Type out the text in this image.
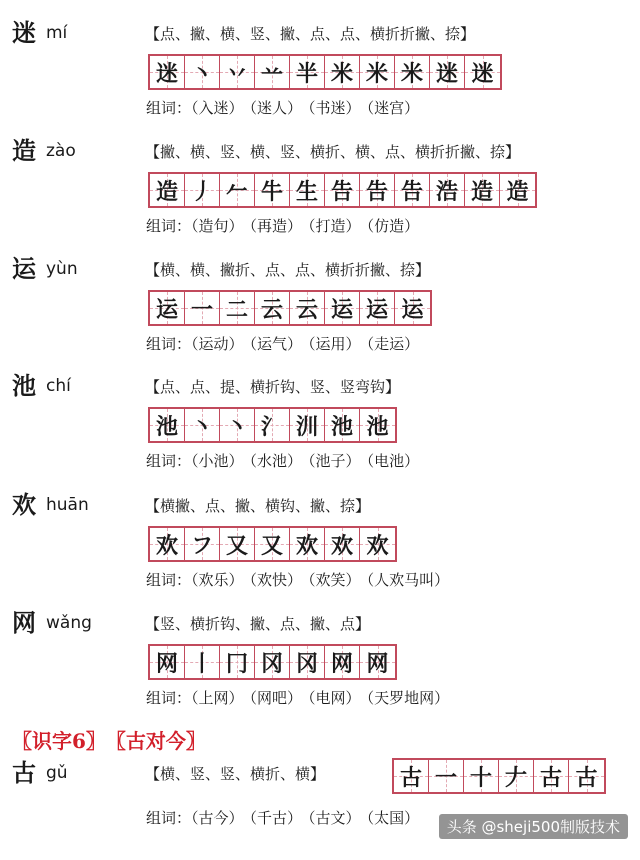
迷 mí	【点、撇、横、竖、撇、点、点、横折折撇、捺】
迷 丶 丷 䒑 半 米 米 米 迷 迷
组词：（入迷） （迷人） （书迷） （迷宫）
造 zào	【撇、横、竖、横、竖、横折、横、点、横折折撇、捺】
造 丿 𠂉 牛 生 告 告 告 浩 造 造
组词：（造句） （再造） （打造） （仿造）
运 yùn	【横、横、撇折、点、点、横折折撇、捺】
运 一 二 云 云 运 运 运
组词：（运动） （运气） （运用） （走运）
池 chí	【点、点、提、横折钩、竖、竖弯钩】
池 丶 丶 氵 汌 池 池
组词：（小池） （水池） （池子） （电池）
欢 huān	【横撇、点、撇、横钩、撇、捺】
欢 フ 又 又 欢 欢 欢
组词：（欢乐） （欢快） （欢笑） （人欢马叫）
网 wǎng	【竖、横折钩、撇、点、撇、点】
网 丨 冂 冈 冈 网 网
组词：（上网） （网吧） （电网） （天罗地网）
古 gǔ	【横、竖、竖、横折、横】	古 一 十 𠂇 古 古
组词：（古今） （千古） （古文） （太国）
〖识字6〗 〖古对今〗
头条 @sheji500制版技术
